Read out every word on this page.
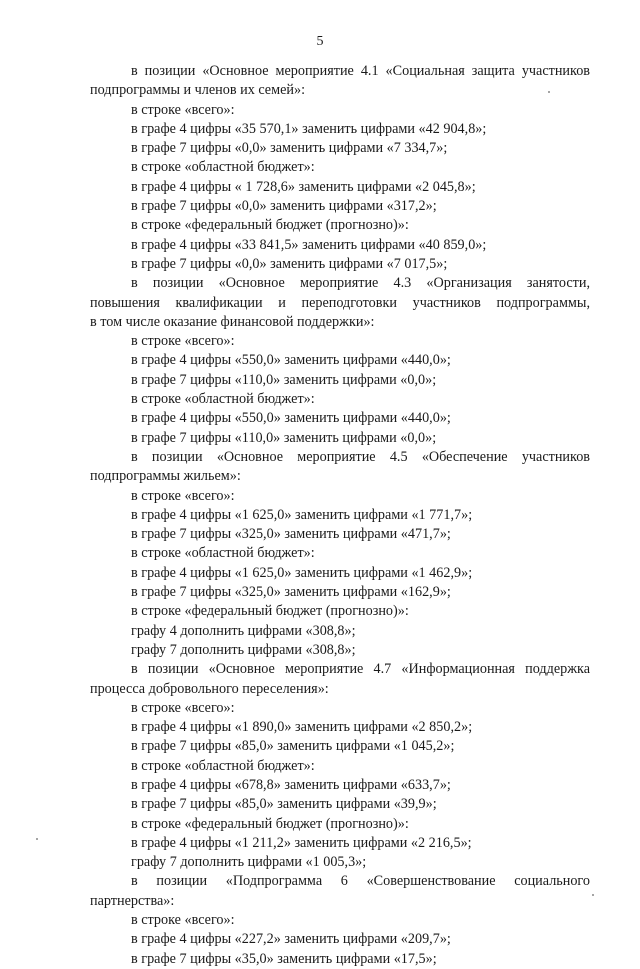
5
в позиции «Основное мероприятие 4.1 «Социальная защита участников
подпрограммы и членов их семей»:
в строке «всего»:
в графе 4 цифры «35 570,1» заменить цифрами «42 904,8»;
в графе 7 цифры «0,0» заменить цифрами «7 334,7»;
в строке «областной бюджет»:
в графе 4 цифры « 1 728,6» заменить цифрами «2 045,8»;
в графе 7 цифры «0,0» заменить цифрами «317,2»;
в строке «федеральный бюджет (прогнозно)»:
в графе 4 цифры «33 841,5» заменить цифрами «40 859,0»;
в графе 7 цифры «0,0» заменить цифрами «7 017,5»;
в позиции «Основное мероприятие 4.3 «Организация занятости,
повышения квалификации и переподготовки участников подпрограммы,
в том числе оказание финансовой поддержки»:
в строке «всего»:
в графе 4 цифры «550,0» заменить цифрами «440,0»;
в графе 7 цифры «110,0» заменить цифрами «0,0»;
в строке «областной бюджет»:
в графе 4 цифры «550,0» заменить цифрами «440,0»;
в графе 7 цифры «110,0» заменить цифрами «0,0»;
в позиции «Основное мероприятие 4.5 «Обеспечение участников
подпрограммы жильем»:
в строке «всего»:
в графе 4 цифры «1 625,0» заменить цифрами «1 771,7»;
в графе 7 цифры «325,0» заменить цифрами «471,7»;
в строке «областной бюджет»:
в графе 4 цифры «1 625,0» заменить цифрами «1 462,9»;
в графе 7 цифры «325,0» заменить цифрами «162,9»;
в строке «федеральный бюджет (прогнозно)»:
графу 4 дополнить цифрами «308,8»;
графу 7 дополнить цифрами «308,8»;
в позиции «Основное мероприятие 4.7 «Информационная поддержка
процесса добровольного переселения»:
в строке «всего»:
в графе 4 цифры «1 890,0» заменить цифрами «2 850,2»;
в графе 7 цифры «85,0» заменить цифрами «1 045,2»;
в строке «областной бюджет»:
в графе 4 цифры «678,8» заменить цифрами «633,7»;
в графе 7 цифры «85,0» заменить цифрами «39,9»;
в строке «федеральный бюджет (прогнозно)»:
в графе 4 цифры «1 211,2» заменить цифрами «2 216,5»;
графу 7 дополнить цифрами «1 005,3»;
в позиции «Подпрограмма 6 «Совершенствование социального
партнерства»:
в строке «всего»:
в графе 4 цифры «227,2» заменить цифрами «209,7»;
в графе 7 цифры «35,0» заменить цифрами «17,5»;
